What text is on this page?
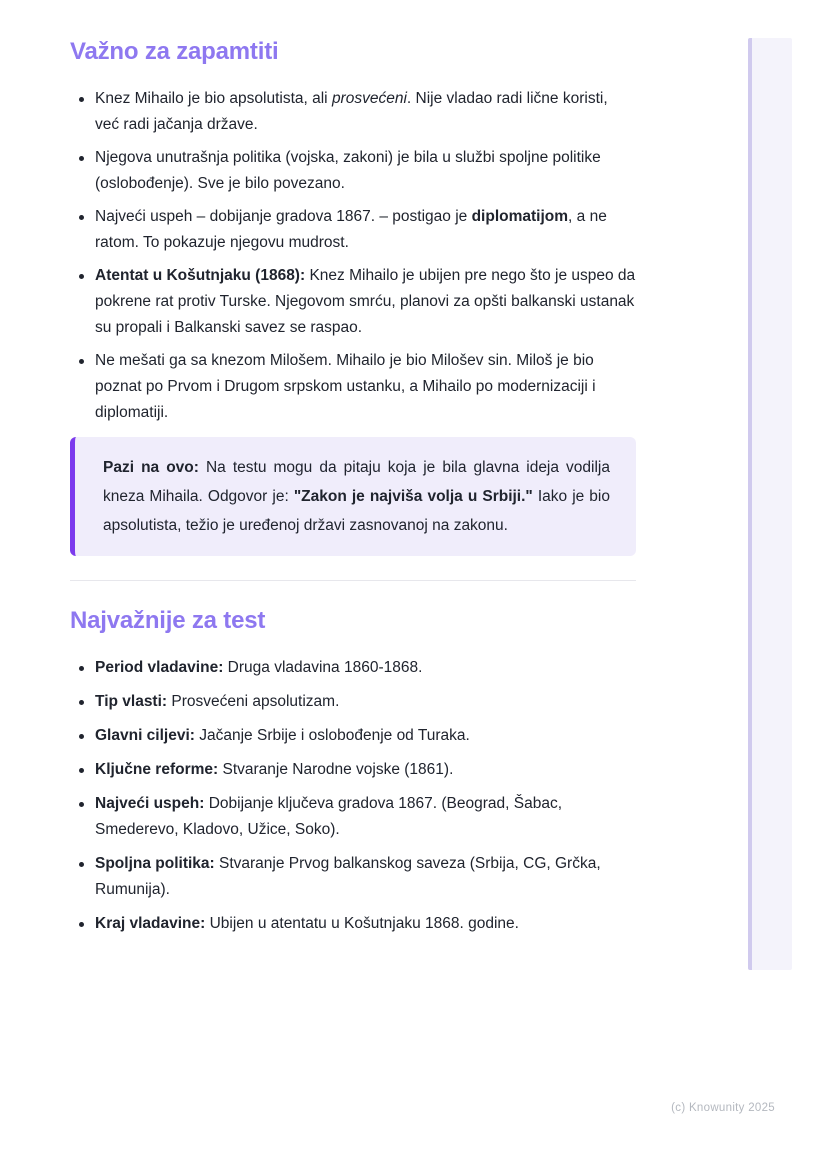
Važno za zapamtiti
Knez Mihailo je bio apsolutista, ali prosvećeni. Nije vladao radi lične koristi, već radi jačanja države.
Njegova unutrašnja politika (vojska, zakoni) je bila u službi spoljne politike (oslobođenje). Sve je bilo povezano.
Najveći uspeh – dobijanje gradova 1867. – postigao je diplomatijom, a ne ratom. To pokazuje njegovu mudrost.
Atentat u Košutnjaku (1868): Knez Mihailo je ubijen pre nego što je uspeo da pokrene rat protiv Turske. Njegovom smrću, planovi za opšti balkanski ustanak su propali i Balkanski savez se raspao.
Ne mešati ga sa knezom Milošem. Mihailo je bio Milošev sin. Miloš je bio poznat po Prvom i Drugom srpskom ustanku, a Mihailo po modernizaciji i diplomatiji.

Pazi na ovo: Na testu mogu da pitaju koja je bila glavna ideja vodilja kneza Mihaila. Odgovor je: "Zakon je najviša volja u Srbiji." Iako je bio apsolutista, težio je uređenoj državi zasnovanoj na zakonu.

Najvažnije za test
Period vladavine: Druga vladavina 1860-1868.
Tip vlasti: Prosvećeni apsolutizam.
Glavni ciljevi: Jačanje Srbije i oslobođenje od Turaka.
Ključne reforme: Stvaranje Narodne vojske (1861).
Najveći uspeh: Dobijanje ključeva gradova 1867. (Beograd, Šabac, Smederevo, Kladovo, Užice, Soko).
Spoljna politika: Stvaranje Prvog balkanskog saveza (Srbija, CG, Grčka, Rumunija).
Kraj vladavine: Ubijen u atentatu u Košutnjaku 1868. godine.
(c) Knowunity 2025
